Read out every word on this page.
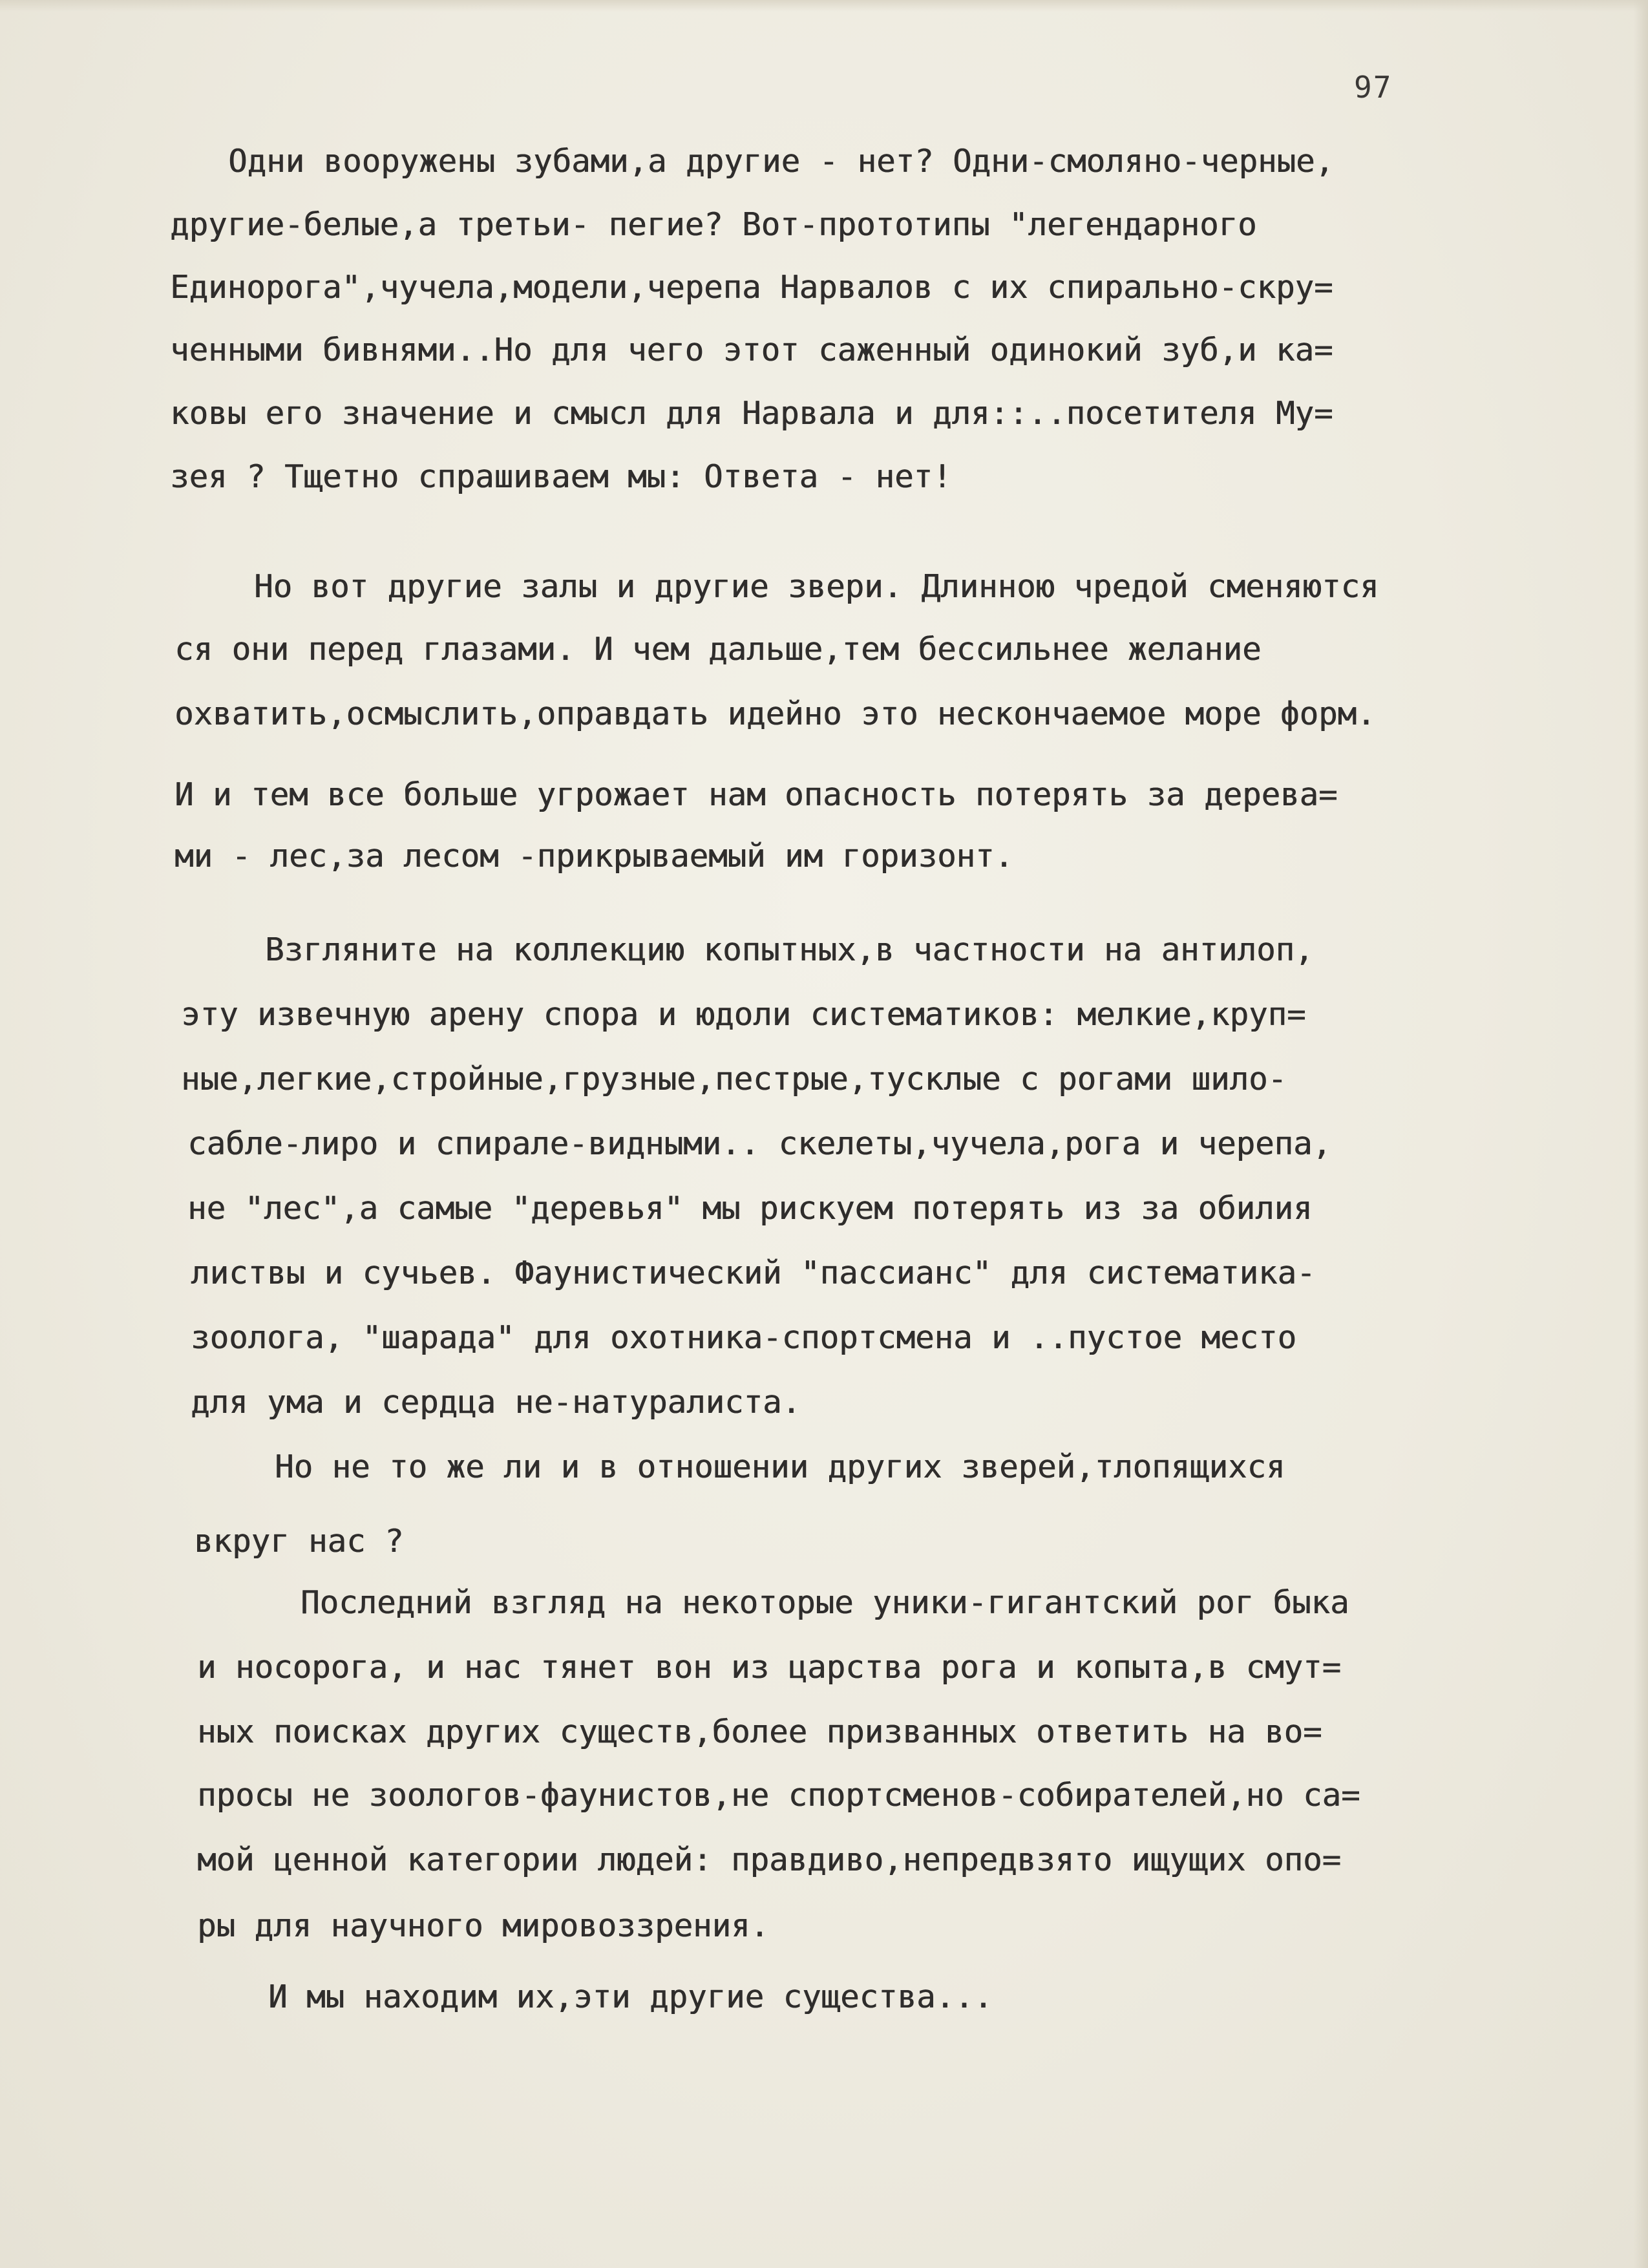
97
Одни вооружены зубами,а другие - нет? Одни-смоляно-черные,
другие-белые,а третьи- пегие? Вот-прототипы "легендарного
Единорога",чучела,модели,черепа Нарвалов с их спирально-скру=
ченными бивнями..Но для чего этот саженный одинокий зуб,и ка=
ковы его значение и смысл для Нарвала и для::..посетителя Му=
зея ? Тщетно спрашиваем мы: Ответа - нет!
Но вот другие залы и другие звери. Длинною чредой сменяются
ся они перед глазами. И чем дальше,тем бессильнее желание
охватить,осмыслить,оправдать идейно это нескончаемое море форм.
И и тем все больше угрожает нам опасность потерять за дерева=
ми - лес,за лесом -прикрываемый им горизонт.
Взгляните на коллекцию копытных,в частности на антилоп,
эту извечную арену спора и юдоли систематиков: мелкие,круп=
ные,легкие,стройные,грузные,пестрые,тусклые с рогами шило-
сабле-лиро и спирале-видными.. скелеты,чучела,рога и черепа,
не "лес",а самые "деревья" мы рискуем потерять из за обилия
листвы и сучьев. Фаунистический "пассианс" для систематика-
зоолога, "шарада" для охотника-спортсмена и ..пустое место
для ума и сердца не-натуралиста.
Но не то же ли и в отношении других зверей,тлопящихся
вкруг нас ?
Последний взгляд на некоторые уники-гигантский рог быка
и носорога, и нас тянет вон из царства рога и копыта,в смут=
ных поисках других существ,более призванных ответить на во=
просы не зоологов-фаунистов,не спортсменов-собирателей,но са=
мой ценной категории людей: правдиво,непредвзято ищущих опо=
ры для научного мировоззрения.
И мы находим их,эти другие существа...
